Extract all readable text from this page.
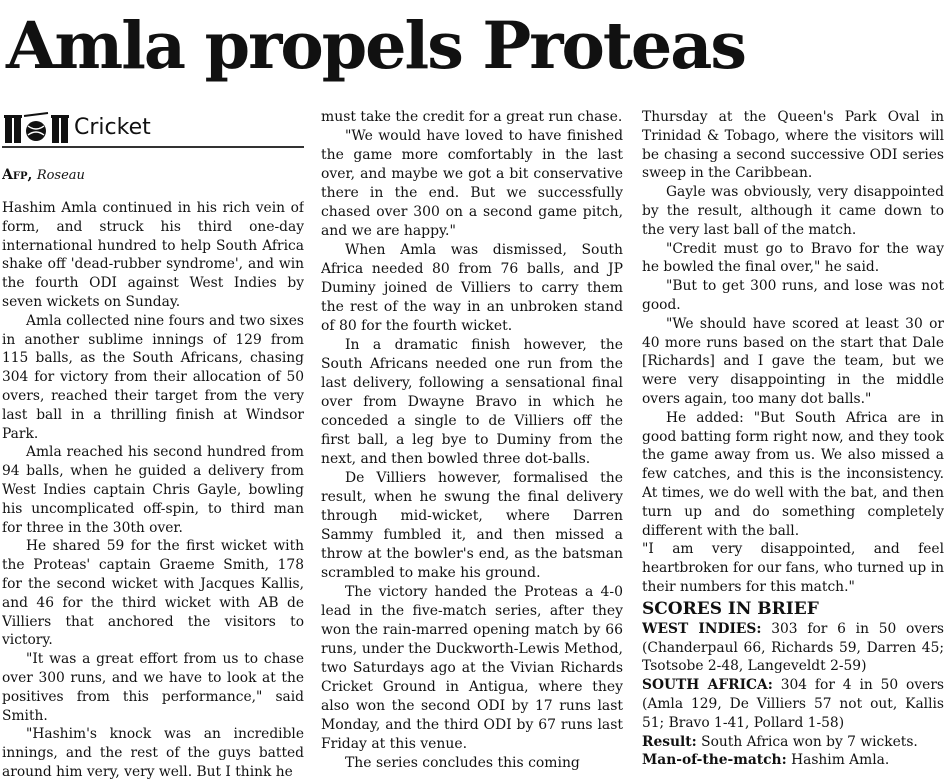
Amla propels Proteas
Cricket
Afp, Roseau

Hashim Amla continued in his rich vein of form, and struck his third one-day international hundred to help South Africa shake off 'dead-rubber syndrome', and win the fourth ODI against West Indies by seven wickets on Sunday.

Amla collected nine fours and two sixes in another sublime innings of 129 from 115 balls, as the South Africans, chasing 304 for victory from their allocation of 50 overs, reached their target from the very last ball in a thrilling finish at Windsor Park.

Amla reached his second hundred from 94 balls, when he guided a delivery from West Indies captain Chris Gayle, bowling his uncomplicated off-spin, to third man for three in the 30th over.

He shared 59 for the first wicket with the Proteas' captain Graeme Smith, 178 for the second wicket with Jacques Kallis, and 46 for the third wicket with AB de Villiers that anchored the visitors to victory.

"It was a great effort from us to chase over 300 runs, and we have to look at the positives from this performance," said Smith.

"Hashim's knock was an incredible innings, and the rest of the guys batted around him very, very well. But I think he

must take the credit for a great run chase.

"We would have loved to have finished the game more comfortably in the last over, and maybe we got a bit conservative there in the end. But we successfully chased over 300 on a second game pitch, and we are happy."

When Amla was dismissed, South Africa needed 80 from 76 balls, and JP Duminy joined de Villiers to carry them the rest of the way in an unbroken stand of 80 for the fourth wicket.

In a dramatic finish however, the South Africans needed one run from the last delivery, following a sensational final over from Dwayne Bravo in which he conceded a single to de Villiers off the first ball, a leg bye to Duminy from the next, and then bowled three dot-balls.

De Villiers however, formalised the result, when he swung the final delivery through mid-wicket, where Darren Sammy fumbled it, and then missed a throw at the bowler's end, as the batsman scrambled to make his ground.

The victory handed the Proteas a 4-0 lead in the five-match series, after they won the rain-marred opening match by 66 runs, under the Duckworth-Lewis Method, two Saturdays ago at the Vivian Richards Cricket Ground in Antigua, where they also won the second ODI by 17 runs last Monday, and the third ODI by 67 runs last Friday at this venue.

The series concludes this coming

Thursday at the Queen's Park Oval in Trinidad & Tobago, where the visitors will be chasing a second successive ODI series sweep in the Caribbean.

Gayle was obviously, very disappointed by the result, although it came down to the very last ball of the match.

"Credit must go to Bravo for the way he bowled the final over," he said.

"But to get 300 runs, and lose was not good.

"We should have scored at least 30 or 40 more runs based on the start that Dale [Richards] and I gave the team, but we were very disappointing in the middle overs again, too many dot balls."

He added: "But South Africa are in good batting form right now, and they took the game away from us. We also missed a few catches, and this is the inconsistency. At times, we do well with the bat, and then turn up and do something completely different with the ball.

"I am very disappointed, and feel heartbroken for our fans, who turned up in their numbers for this match."

SCORES IN BRIEF

WEST INDIES: 303 for 6 in 50 overs (Chanderpaul 66, Richards 59, Darren 45; Tsotsobe 2-48, Langeveldt 2-59)

SOUTH AFRICA: 304 for 4 in 50 overs (Amla 129, De Villiers 57 not out, Kallis 51; Bravo 1-41, Pollard 1-58)

Result: South Africa won by 7 wickets.

Man-of-the-match: Hashim Amla.
